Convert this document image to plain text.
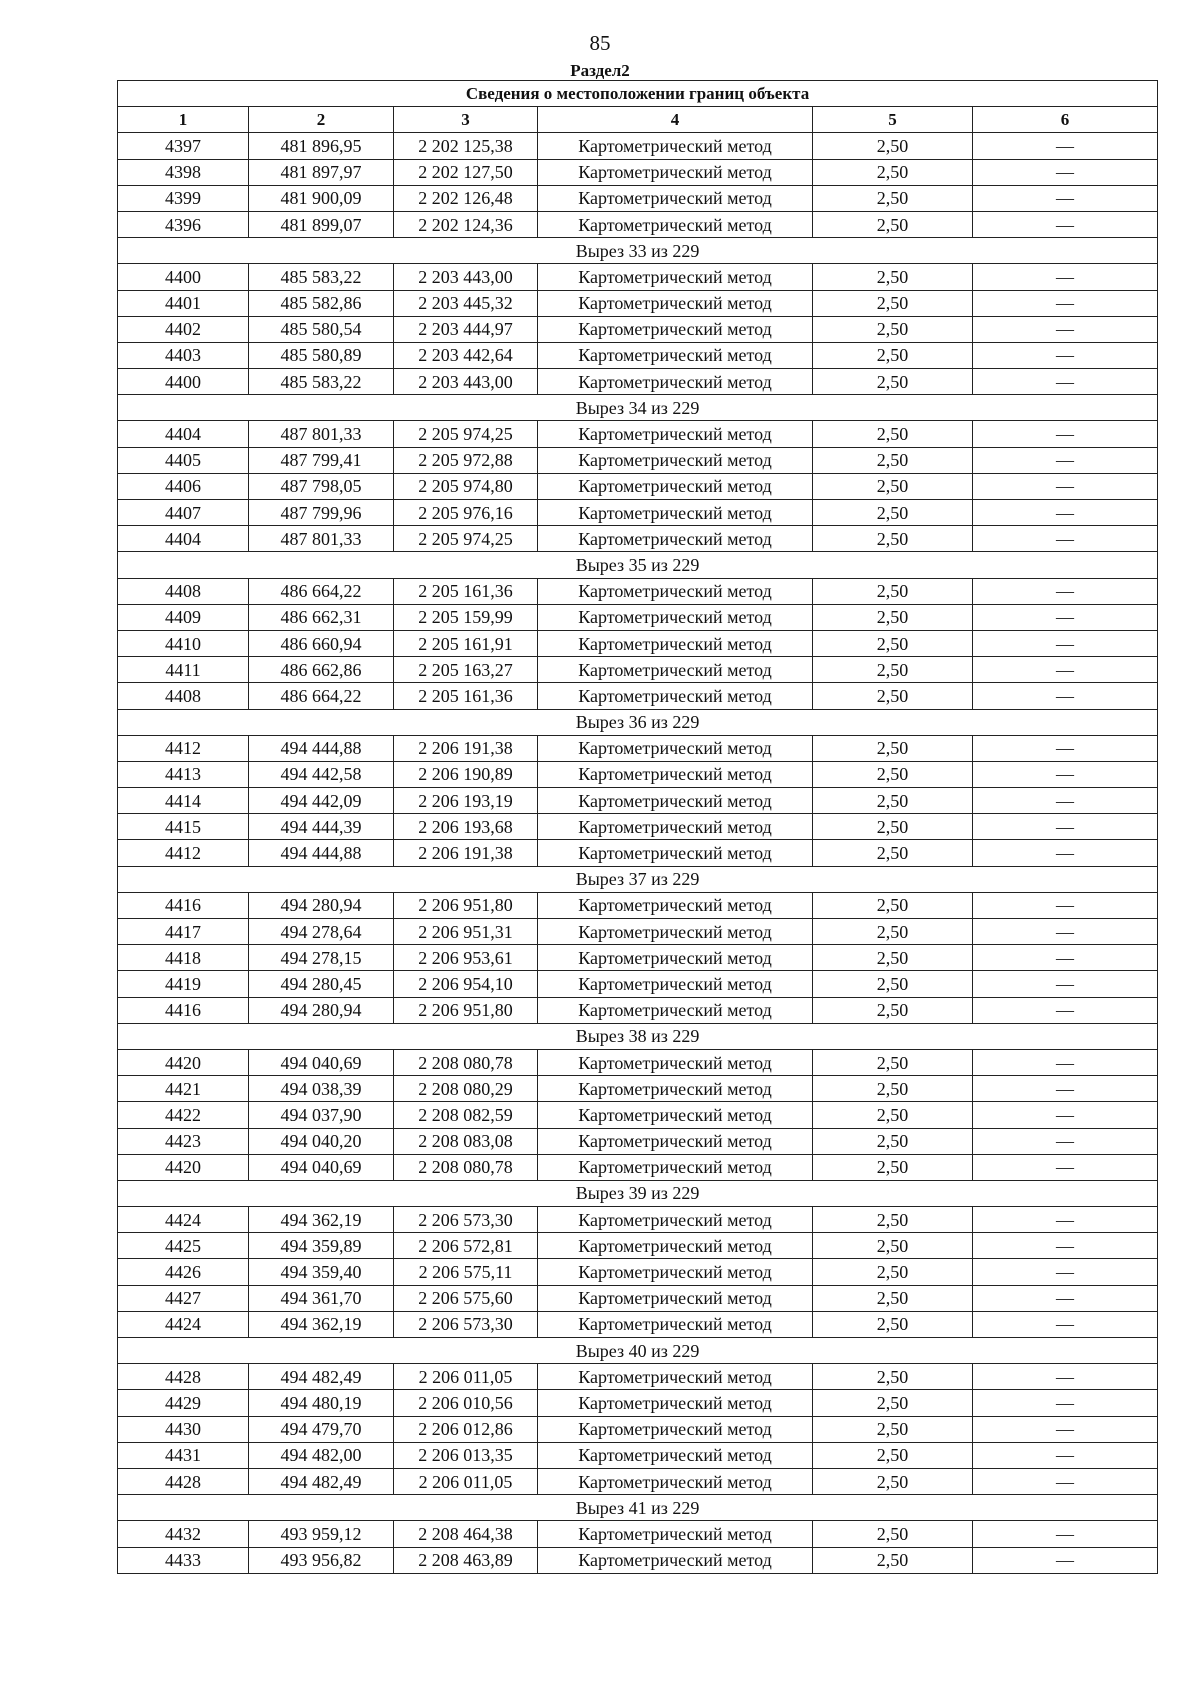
85
Раздел2
Сведения о местоположении границ объекта					
1	2	3	4	5	6
4397	481 896,95	2 202 125,38	Картометрический метод	2,50	—
4398	481 897,97	2 202 127,50	Картометрический метод	2,50	—
4399	481 900,09	2 202 126,48	Картометрический метод	2,50	—
4396	481 899,07	2 202 124,36	Картометрический метод	2,50	—
Вырез 33 из 229					
4400	485 583,22	2 203 443,00	Картометрический метод	2,50	—
4401	485 582,86	2 203 445,32	Картометрический метод	2,50	—
4402	485 580,54	2 203 444,97	Картометрический метод	2,50	—
4403	485 580,89	2 203 442,64	Картометрический метод	2,50	—
4400	485 583,22	2 203 443,00	Картометрический метод	2,50	—
Вырез 34 из 229					
4404	487 801,33	2 205 974,25	Картометрический метод	2,50	—
4405	487 799,41	2 205 972,88	Картометрический метод	2,50	—
4406	487 798,05	2 205 974,80	Картометрический метод	2,50	—
4407	487 799,96	2 205 976,16	Картометрический метод	2,50	—
4404	487 801,33	2 205 974,25	Картометрический метод	2,50	—
Вырез 35 из 229					
4408	486 664,22	2 205 161,36	Картометрический метод	2,50	—
4409	486 662,31	2 205 159,99	Картометрический метод	2,50	—
4410	486 660,94	2 205 161,91	Картометрический метод	2,50	—
4411	486 662,86	2 205 163,27	Картометрический метод	2,50	—
4408	486 664,22	2 205 161,36	Картометрический метод	2,50	—
Вырез 36 из 229					
4412	494 444,88	2 206 191,38	Картометрический метод	2,50	—
4413	494 442,58	2 206 190,89	Картометрический метод	2,50	—
4414	494 442,09	2 206 193,19	Картометрический метод	2,50	—
4415	494 444,39	2 206 193,68	Картометрический метод	2,50	—
4412	494 444,88	2 206 191,38	Картометрический метод	2,50	—
Вырез 37 из 229					
4416	494 280,94	2 206 951,80	Картометрический метод	2,50	—
4417	494 278,64	2 206 951,31	Картометрический метод	2,50	—
4418	494 278,15	2 206 953,61	Картометрический метод	2,50	—
4419	494 280,45	2 206 954,10	Картометрический метод	2,50	—
4416	494 280,94	2 206 951,80	Картометрический метод	2,50	—
Вырез 38 из 229					
4420	494 040,69	2 208 080,78	Картометрический метод	2,50	—
4421	494 038,39	2 208 080,29	Картометрический метод	2,50	—
4422	494 037,90	2 208 082,59	Картометрический метод	2,50	—
4423	494 040,20	2 208 083,08	Картометрический метод	2,50	—
4420	494 040,69	2 208 080,78	Картометрический метод	2,50	—
Вырез 39 из 229					
4424	494 362,19	2 206 573,30	Картометрический метод	2,50	—
4425	494 359,89	2 206 572,81	Картометрический метод	2,50	—
4426	494 359,40	2 206 575,11	Картометрический метод	2,50	—
4427	494 361,70	2 206 575,60	Картометрический метод	2,50	—
4424	494 362,19	2 206 573,30	Картометрический метод	2,50	—
Вырез 40 из 229					
4428	494 482,49	2 206 011,05	Картометрический метод	2,50	—
4429	494 480,19	2 206 010,56	Картометрический метод	2,50	—
4430	494 479,70	2 206 012,86	Картометрический метод	2,50	—
4431	494 482,00	2 206 013,35	Картометрический метод	2,50	—
4428	494 482,49	2 206 011,05	Картометрический метод	2,50	—
Вырез 41 из 229					
4432	493 959,12	2 208 464,38	Картометрический метод	2,50	—
4433	493 956,82	2 208 463,89	Картометрический метод	2,50	—
